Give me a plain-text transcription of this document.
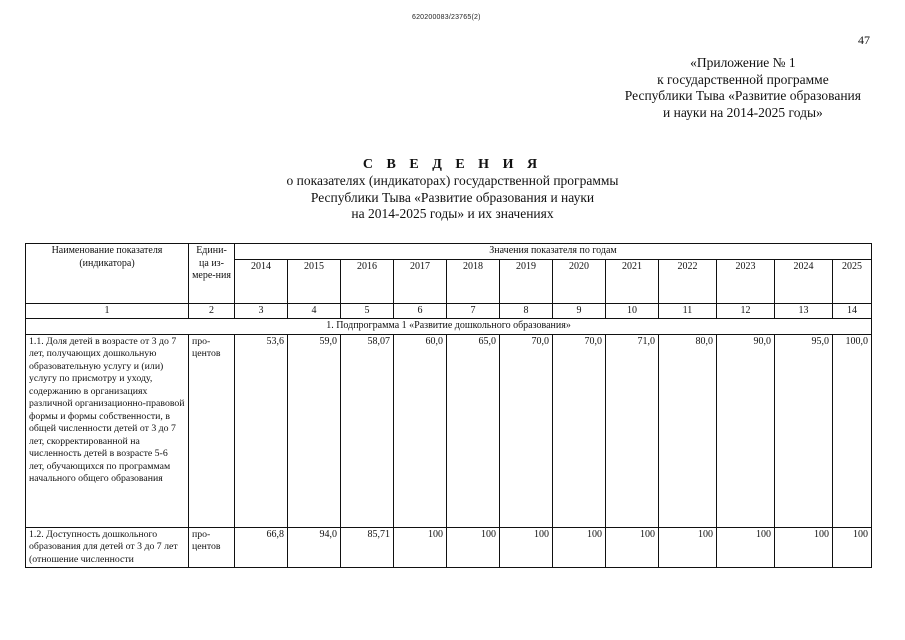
620200083/23765(2)
47
«Приложение № 1
к государственной программе
Республики Тыва «Развитие образования
и науки на 2014-2025 годы»
С В Е Д Е Н И Я
о показателях (индикаторах) государственной программы
Республики Тыва «Развитие образования и науки
на 2014-2025 годы» и их значениях
Наименование показателя (индикатора)	Едини-ца из-мере-ния	Значения показателя по годам											
		2014	2015	2016	2017	2018	2019	2020	2021	2022	2023	2024	2025
1	2	3	4	5	6	7	8	9	10	11	12	13	14
1. Подпрограмма 1 «Развитие дошкольного образования»													
1.1. Доля детей в возрасте от 3 до 7 лет, получающих дошкольную образовательную услугу и (или) услугу по присмотру и уходу, содержанию в организациях различной организационно-правовой формы и формы собственности, в общей численности детей от 3 до 7 лет, скорректированной на численность детей в возрасте 5-6 лет, обучающихся по программам начального общего образования	про-центов	53,6	59,0	58,07	60,0	65,0	70,0	70,0	71,0	80,0	90,0	95,0	100,0
1.2. Доступность дошкольного образования для детей от 3 до 7 лет (отношение численности	про-центов	66,8	94,0	85,71	100	100	100	100	100	100	100	100	100
